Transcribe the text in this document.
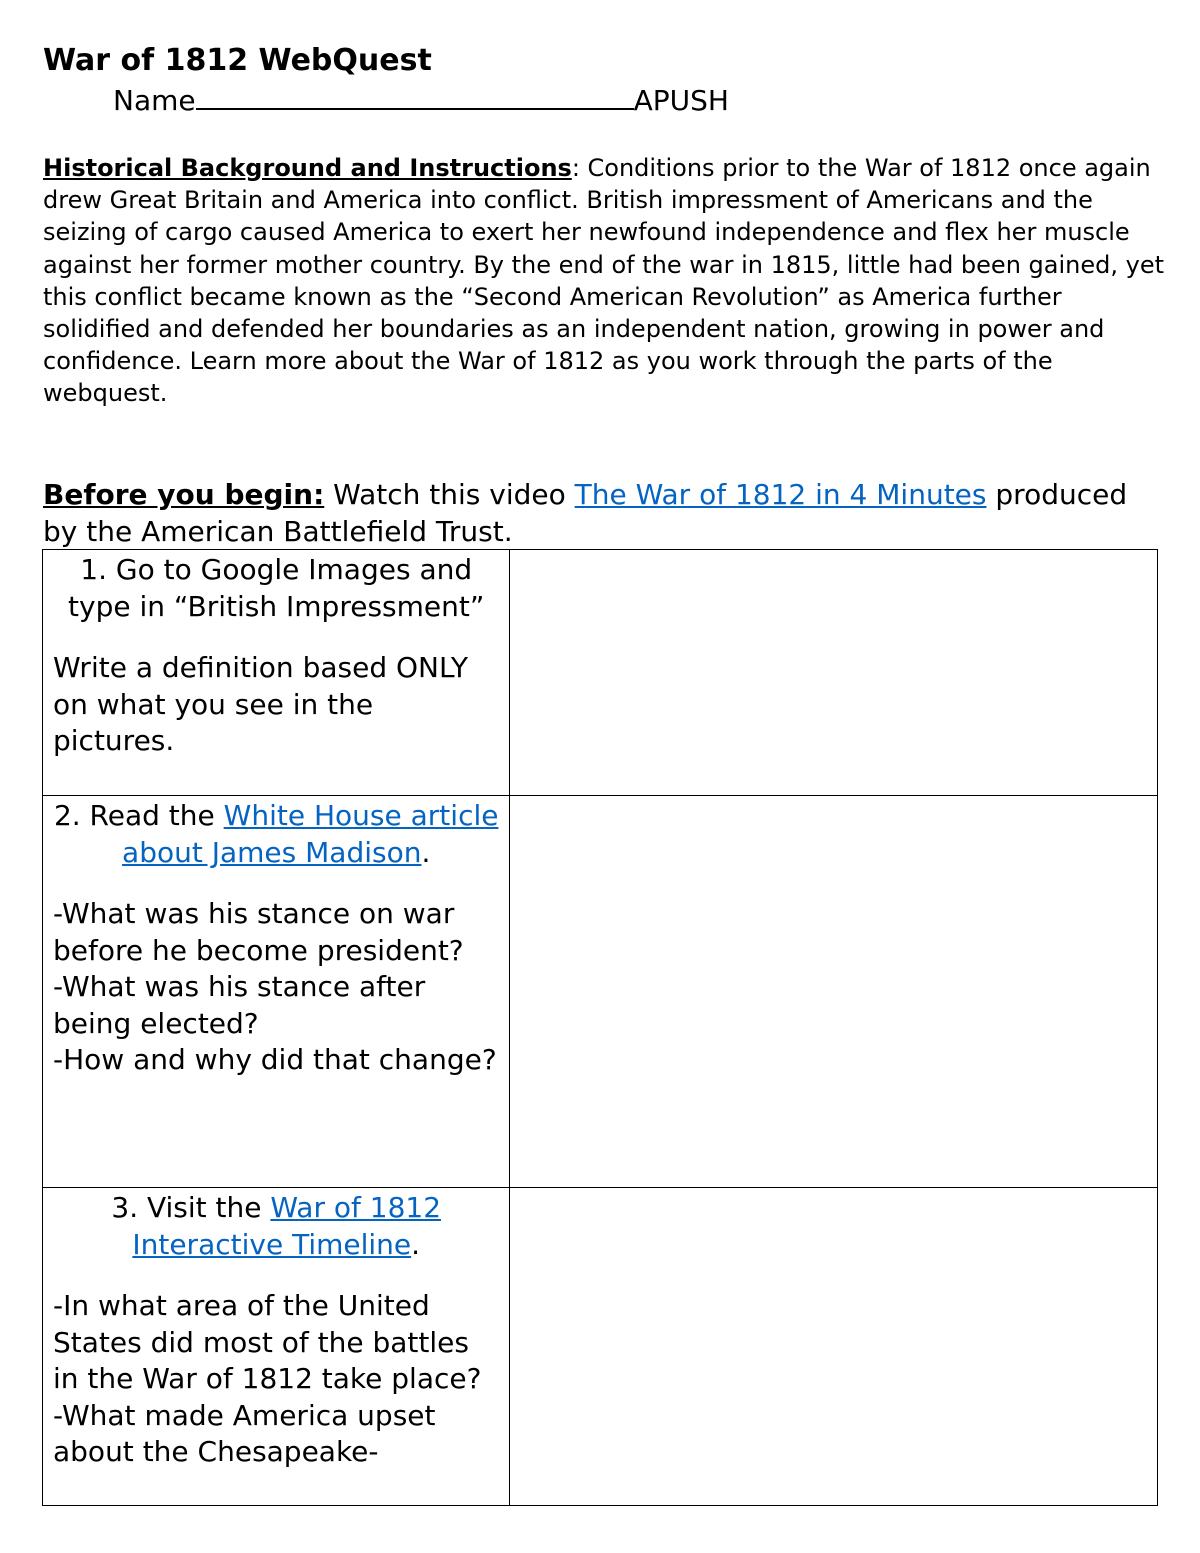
War of 1812 WebQuest
Name	APUSH

Historical Background and Instructions: Conditions prior to the War of 1812 once again drew Great Britain and America into conflict. British impressment of Americans and the seizing of cargo caused America to exert her newfound independence and flex her muscle against her former mother country. By the end of the war in 1815, little had been gained, yet this conflict became known as the “Second American Revolution” as America further solidified and defended her boundaries as an independent nation, growing in power and confidence. Learn more about the War of 1812 as you work through the parts of the webquest.

Before you begin: Watch this video The War of 1812 in 4 Minutes produced by the American Battlefield Trust.

1. Go to Google Images and type in “British Impressment”

Write a definition based ONLY on what you see in the pictures.	

2. Read the White House article about James Madison.

-What was his stance on war before he become president?

-What was his stance after being elected?

-How and why did that change?	

3. Visit the War of 1812 Interactive Timeline.

-In what area of the United States did most of the battles in the War of 1812 take place?

-What made America upset about the Chesapeake-	
